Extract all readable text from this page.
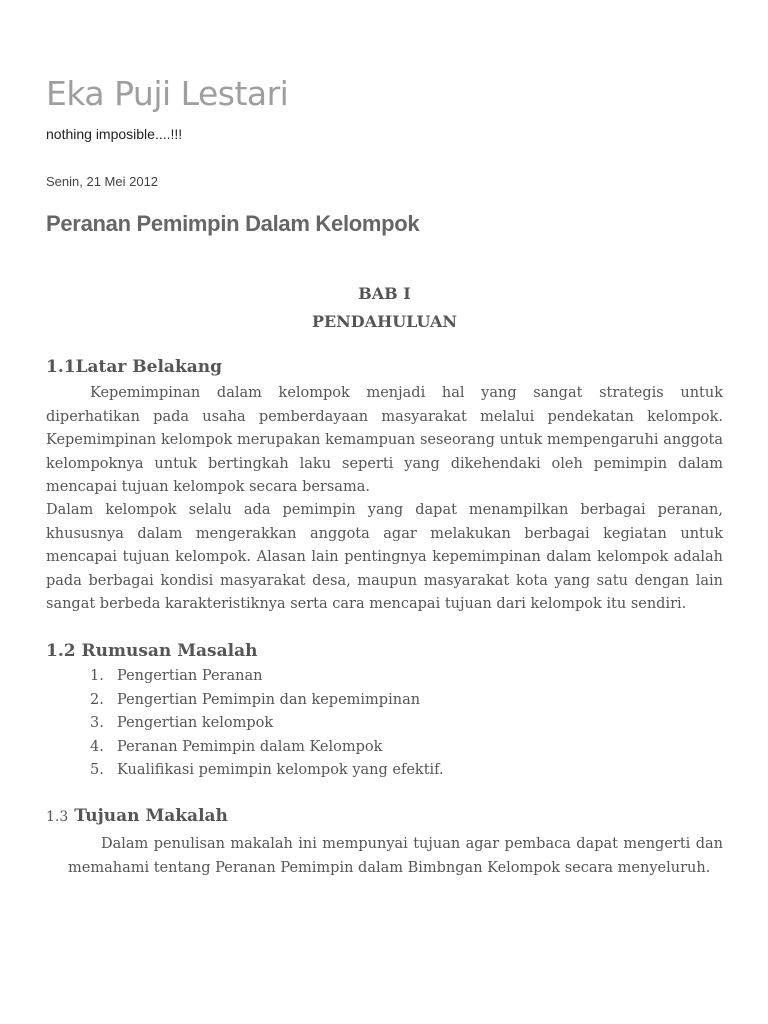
Eka Puji Lestari
nothing imposible....!!!
Senin, 21 Mei 2012
Peranan Pemimpin Dalam Kelompok
BAB I
PENDAHULUAN
1.1Latar Belakang
Kepemimpinan dalam kelompok menjadi hal yang sangat strategis untuk diperhatikan pada usaha pemberdayaan masyarakat melalui pendekatan kelompok. Kepemimpinan kelompok merupakan kemampuan seseorang untuk mempengaruhi anggota kelompoknya untuk bertingkah laku seperti yang dikehendaki oleh pemimpin dalam mencapai tujuan kelompok secara bersama.
Dalam kelompok selalu ada pemimpin yang dapat menampilkan berbagai peranan, khususnya dalam mengerakkan anggota agar melakukan berbagai kegiatan untuk mencapai tujuan kelompok. Alasan lain pentingnya kepemimpinan dalam kelompok adalah pada berbagai kondisi masyarakat desa, maupun masyarakat kota yang satu dengan lain sangat berbeda karakteristiknya serta cara mencapai tujuan dari kelompok itu sendiri.
1.2 Rumusan Masalah
1. Pengertian Peranan
2. Pengertian Pemimpin dan kepemimpinan
3. Pengertian kelompok
4. Peranan Pemimpin dalam Kelompok
5. Kualifikasi pemimpin kelompok yang efektif.
1.3 Tujuan Makalah
Dalam penulisan makalah ini mempunyai tujuan agar pembaca dapat mengerti dan memahami tentang Peranan Pemimpin dalam Bimbngan Kelompok secara menyeluruh.
